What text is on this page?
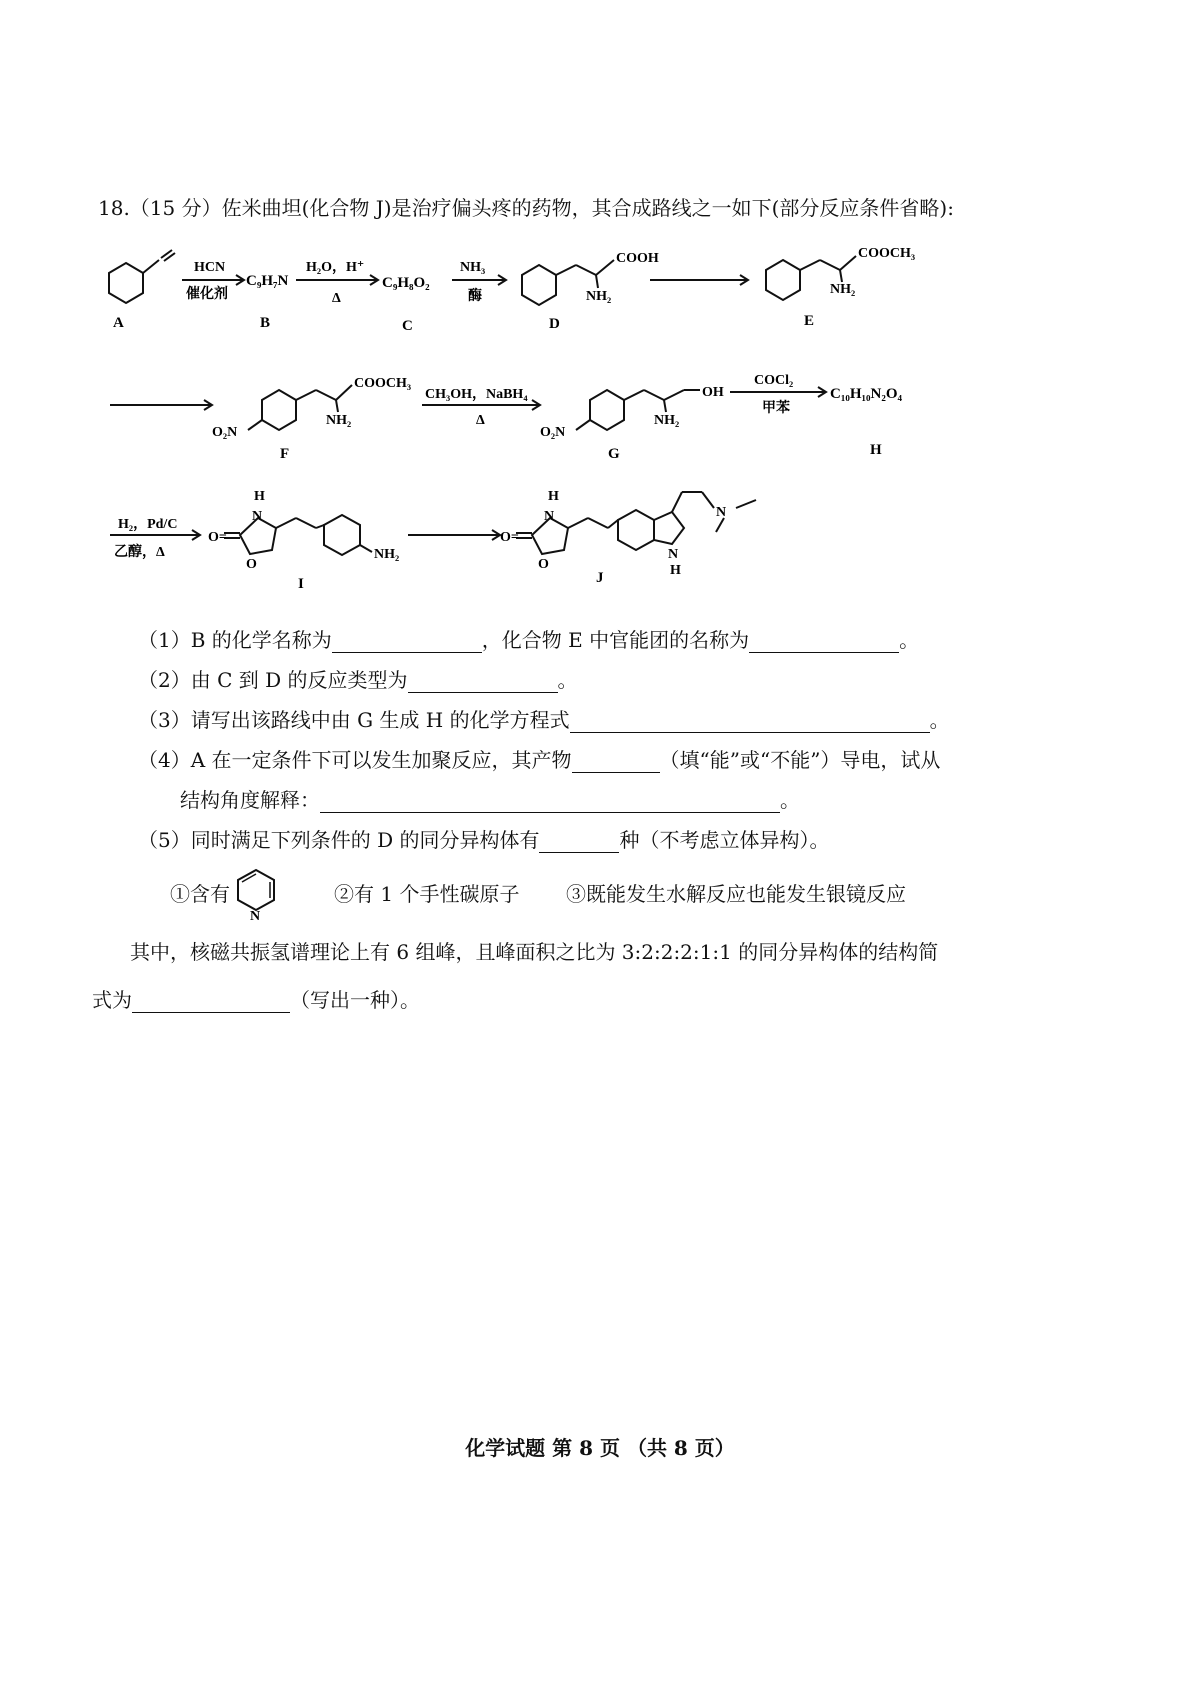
18.（15 分）佐米曲坦(化合物 J)是治疗偏头疼的药物，其合成路线之一如下(部分反应条件省略):
A	B	C	D	E
F	G	H
I	J
C₉H₇N	C₉H₈O₂
C₁₀H₁₀N₂O₄
HCN
催化剂
H₂O，H⁺
Δ
NH₃
酶
CH₃OH，NaBH₄
Δ
COCl₂
甲苯
H₂，Pd/C
乙醇，Δ
COOH
NH₂
COOCH₃
NH₂
COOCH₃
NH₂
O₂N	O₂N
NH₂
OH
H
N
O=
O
NH₂
H
N
O=
O
N
H
N
（1）B 的化学名称为	，化合物 E 中官能团的名称为	。
（2）由 C 到 D 的反应类型为	。
（3）请写出该路线中由 G 生成 H 的化学方程式	。
（4）A 在一定条件下可以发生加聚反应，其产物	（填“能”或“不能”）导电，试从
结构角度解释：	。
（5）同时满足下列条件的 D 的同分异构体有	种（不考虑立体异构）。
①含有
N
②有 1 个手性碳原子 ③既能发生水解反应也能发生银镜反应
其中，核磁共振氢谱理论上有 6 组峰，且峰面积之比为 3:2:2:2:1:1 的同分异构体的结构简
式为	（写出一种）。
化学试题 第 8 页 （共 8 页）
